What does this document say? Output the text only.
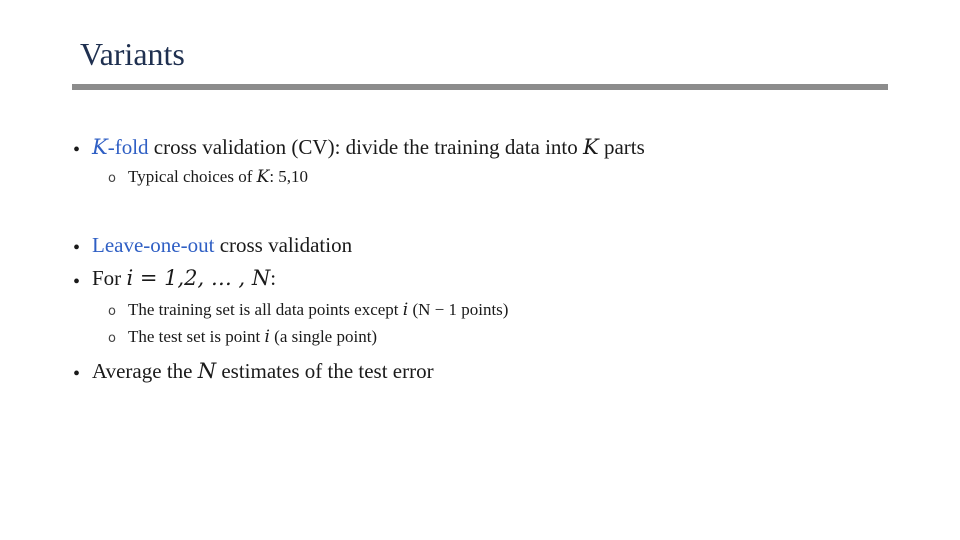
Variants
• K-fold cross validation (CV): divide the training data into K parts
o Typical choices of K: 5,10
• Leave-one-out cross validation
• For i = 1,2, … , N:
o The training set is all data points except i (N − 1 points)
o The test set is point i (a single point)
• Average the N estimates of the test error
